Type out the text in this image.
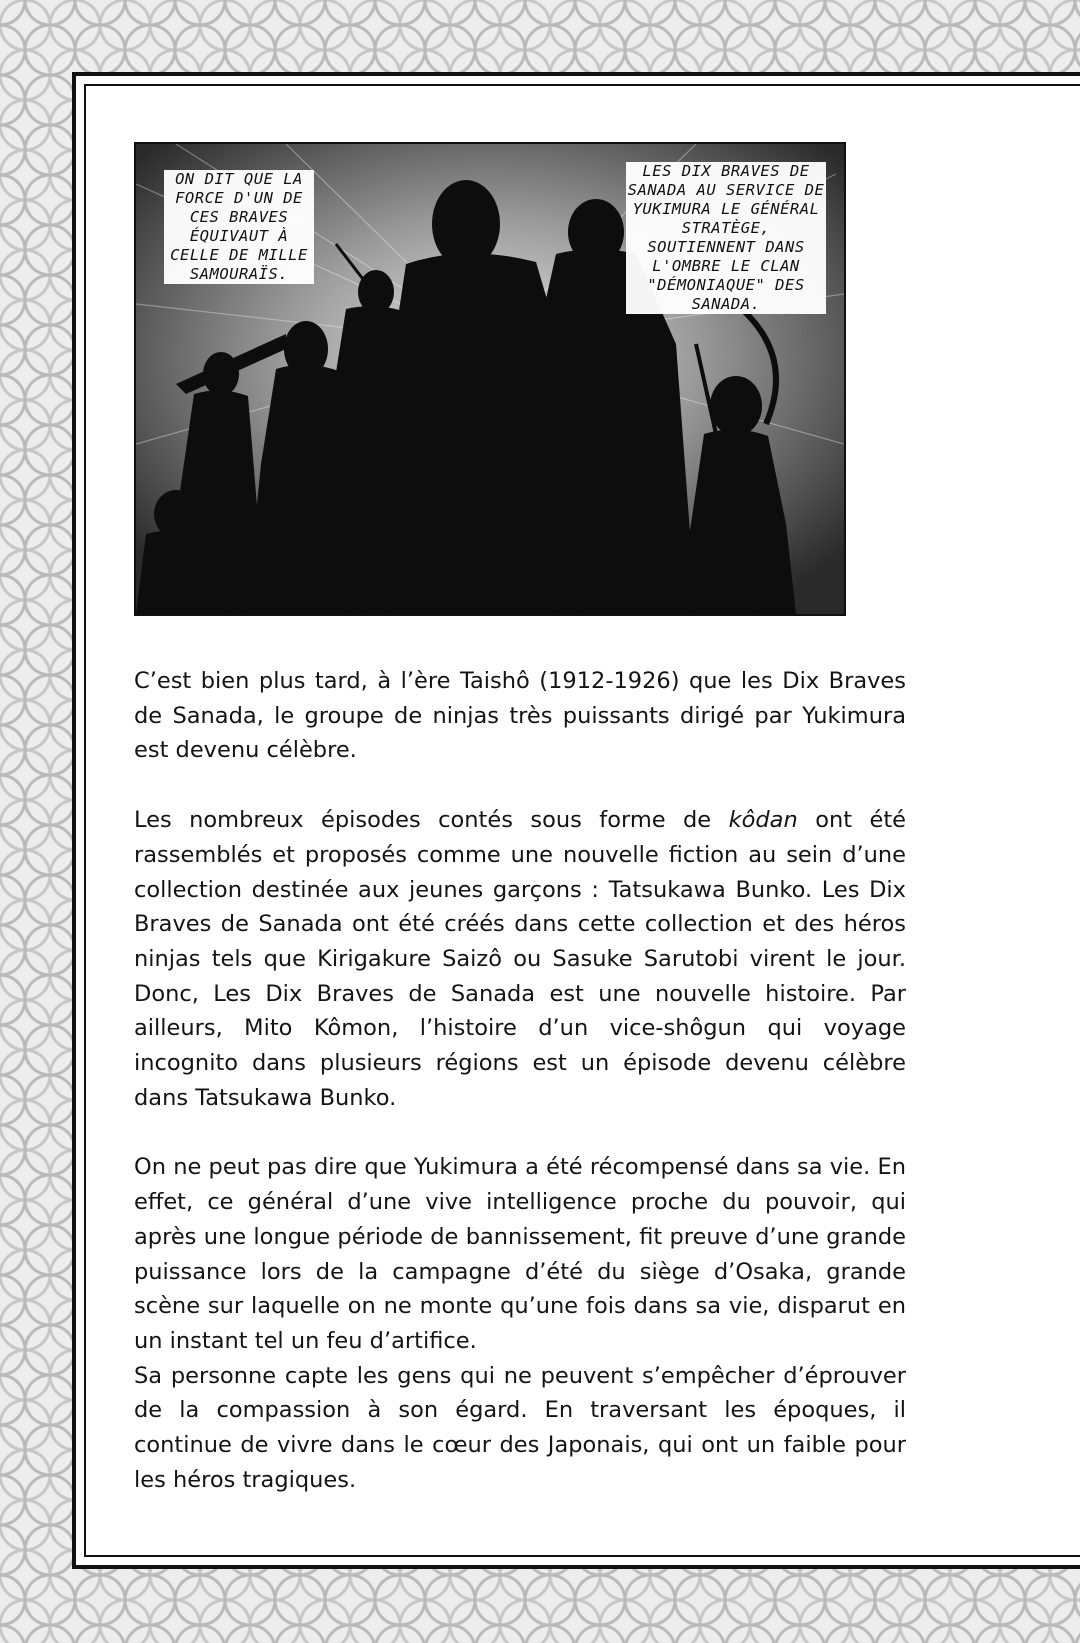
ON DIT QUE LA FORCE D'UN DE CES BRAVES ÉQUIVAUT À CELLE DE MILLE SAMOURAÏS.
LES DIX BRAVES DE SANADA AU SERVICE DE YUKIMURA LE GÉNÉRAL STRATÈGE, SOUTIENNENT DANS L'OMBRE LE CLAN "DÉMONIAQUE" DES SANADA.

C’est bien plus tard, à l’ère Taishô (1912-1926) que les Dix Braves de Sanada, le groupe de ninjas très puissants dirigé par Yukimura est devenu célèbre.

Les nombreux épisodes contés sous forme de kôdan ont été rassemblés et proposés comme une nouvelle fiction au sein d’une collection destinée aux jeunes garçons : Tatsukawa Bunko. Les Dix Braves de Sanada ont été créés dans cette collection et des héros ninjas tels que Kirigakure Saizô ou Sasuke Sarutobi virent le jour. Donc, Les Dix Braves de Sanada est une nouvelle histoire. Par ailleurs, Mito Kômon, l’histoire d’un vice-shôgun qui voyage incognito dans plusieurs régions est un épisode devenu célèbre dans Tatsukawa Bunko.

On ne peut pas dire que Yukimura a été récompensé dans sa vie. En effet, ce général d’une vive intelligence proche du pouvoir, qui après une longue période de bannissement, fit preuve d’une grande puissance lors de la campagne d’été du siège d’Osaka, grande scène sur laquelle on ne monte qu’une fois dans sa vie, disparut en un instant tel un feu d’artifice.

Sa personne capte les gens qui ne peuvent s’empêcher d’éprouver de la compassion à son égard. En traversant les époques, il continue de vivre dans le cœur des Japonais, qui ont un faible pour les héros tragiques.
